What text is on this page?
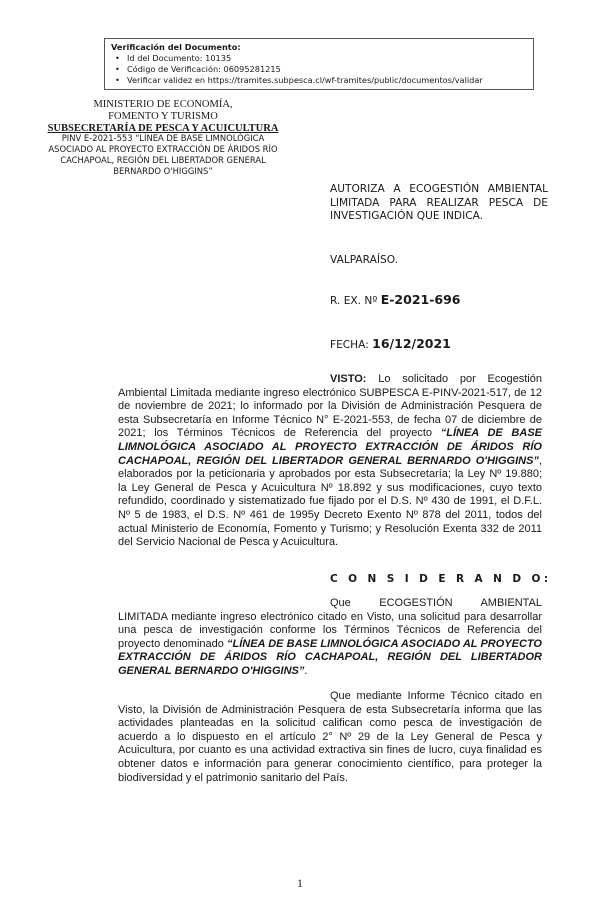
Verificación del Documento:
• Id del Documento: 10135
• Código de Verificación: 06095281215
• Verificar validez en https://tramites.subpesca.cl/wf-tramites/public/documentos/validar
MINISTERIO DE ECONOMÍA,
FOMENTO Y TURISMO
SUBSECRETARÍA DE PESCA Y ACUICULTURA
PINV E-2021-553 “LÍNEA DE BASE LIMNOLÓGICA
ASOCIADO AL PROYECTO EXTRACCIÓN DE ÁRIDOS RÍO
CACHAPOAL, REGIÓN DEL LIBERTADOR GENERAL
BERNARDO O'HIGGINS”
AUTORIZA A ECOGESTIÓN AMBIENTAL LIMITADA PARA REALIZAR PESCA DE INVESTIGACIÓN QUE INDICA.
VALPARAÍSO.
R. EX. Nº E-2021-696
FECHA: 16/12/2021
VISTO: Lo solicitado por Ecogestión Ambiental Limitada mediante ingreso electrónico SUBPESCA E-PINV-2021-517, de 12 de noviembre de 2021; lo informado por la División de Administración Pesquera de esta Subsecretaría en Informe Técnico N° E-2021-553, de fecha 07 de diciembre de 2021; los Términos Técnicos de Referencia del proyecto “LÍNEA DE BASE LIMNOLÓGICA ASOCIADO AL PROYECTO EXTRACCIÓN DE ÁRIDOS RÍO CACHAPOAL, REGIÓN DEL LIBERTADOR GENERAL BERNARDO O'HIGGINS”, elaborados por la peticionaria y aprobados por esta Subsecretaría; la Ley Nº 19.880; la Ley General de Pesca y Acuicultura Nº 18.892 y sus modificaciones, cuyo texto refundido, coordinado y sistematizado fue fijado por el D.S. Nº 430 de 1991, el D.F.L. Nº 5 de 1983, el D.S. Nº 461 de 1995y Decreto Exento Nº 878 del 2011, todos del actual Ministerio de Economía, Fomento y Turismo; y Resolución Exenta 332 de 2011 del Servicio Nacional de Pesca y Acuicultura.
C O N S I D E R A N D O:
Que ECOGESTIÓN AMBIENTAL LIMITADA mediante ingreso electrónico citado en Visto, una solicitud para desarrollar una pesca de investigación conforme los Términos Técnicos de Referencia del proyecto denominado “LÍNEA DE BASE LIMNOLÓGICA ASOCIADO AL PROYECTO EXTRACCIÓN DE ÁRIDOS RÍO CACHAPOAL, REGIÓN DEL LIBERTADOR GENERAL BERNARDO O'HIGGINS”.
Que mediante Informe Técnico citado en Visto, la División de Administración Pesquera de esta Subsecretaría informa que las actividades planteadas en la solicitud califican como pesca de investigación de acuerdo a lo dispuesto en el artículo 2° Nº 29 de la Ley General de Pesca y Acuicultura, por cuanto es una actividad extractiva sin fines de lucro, cuya finalidad es obtener datos e información para generar conocimiento científico, para proteger la biodiversidad y el patrimonio sanitario del País.
1
